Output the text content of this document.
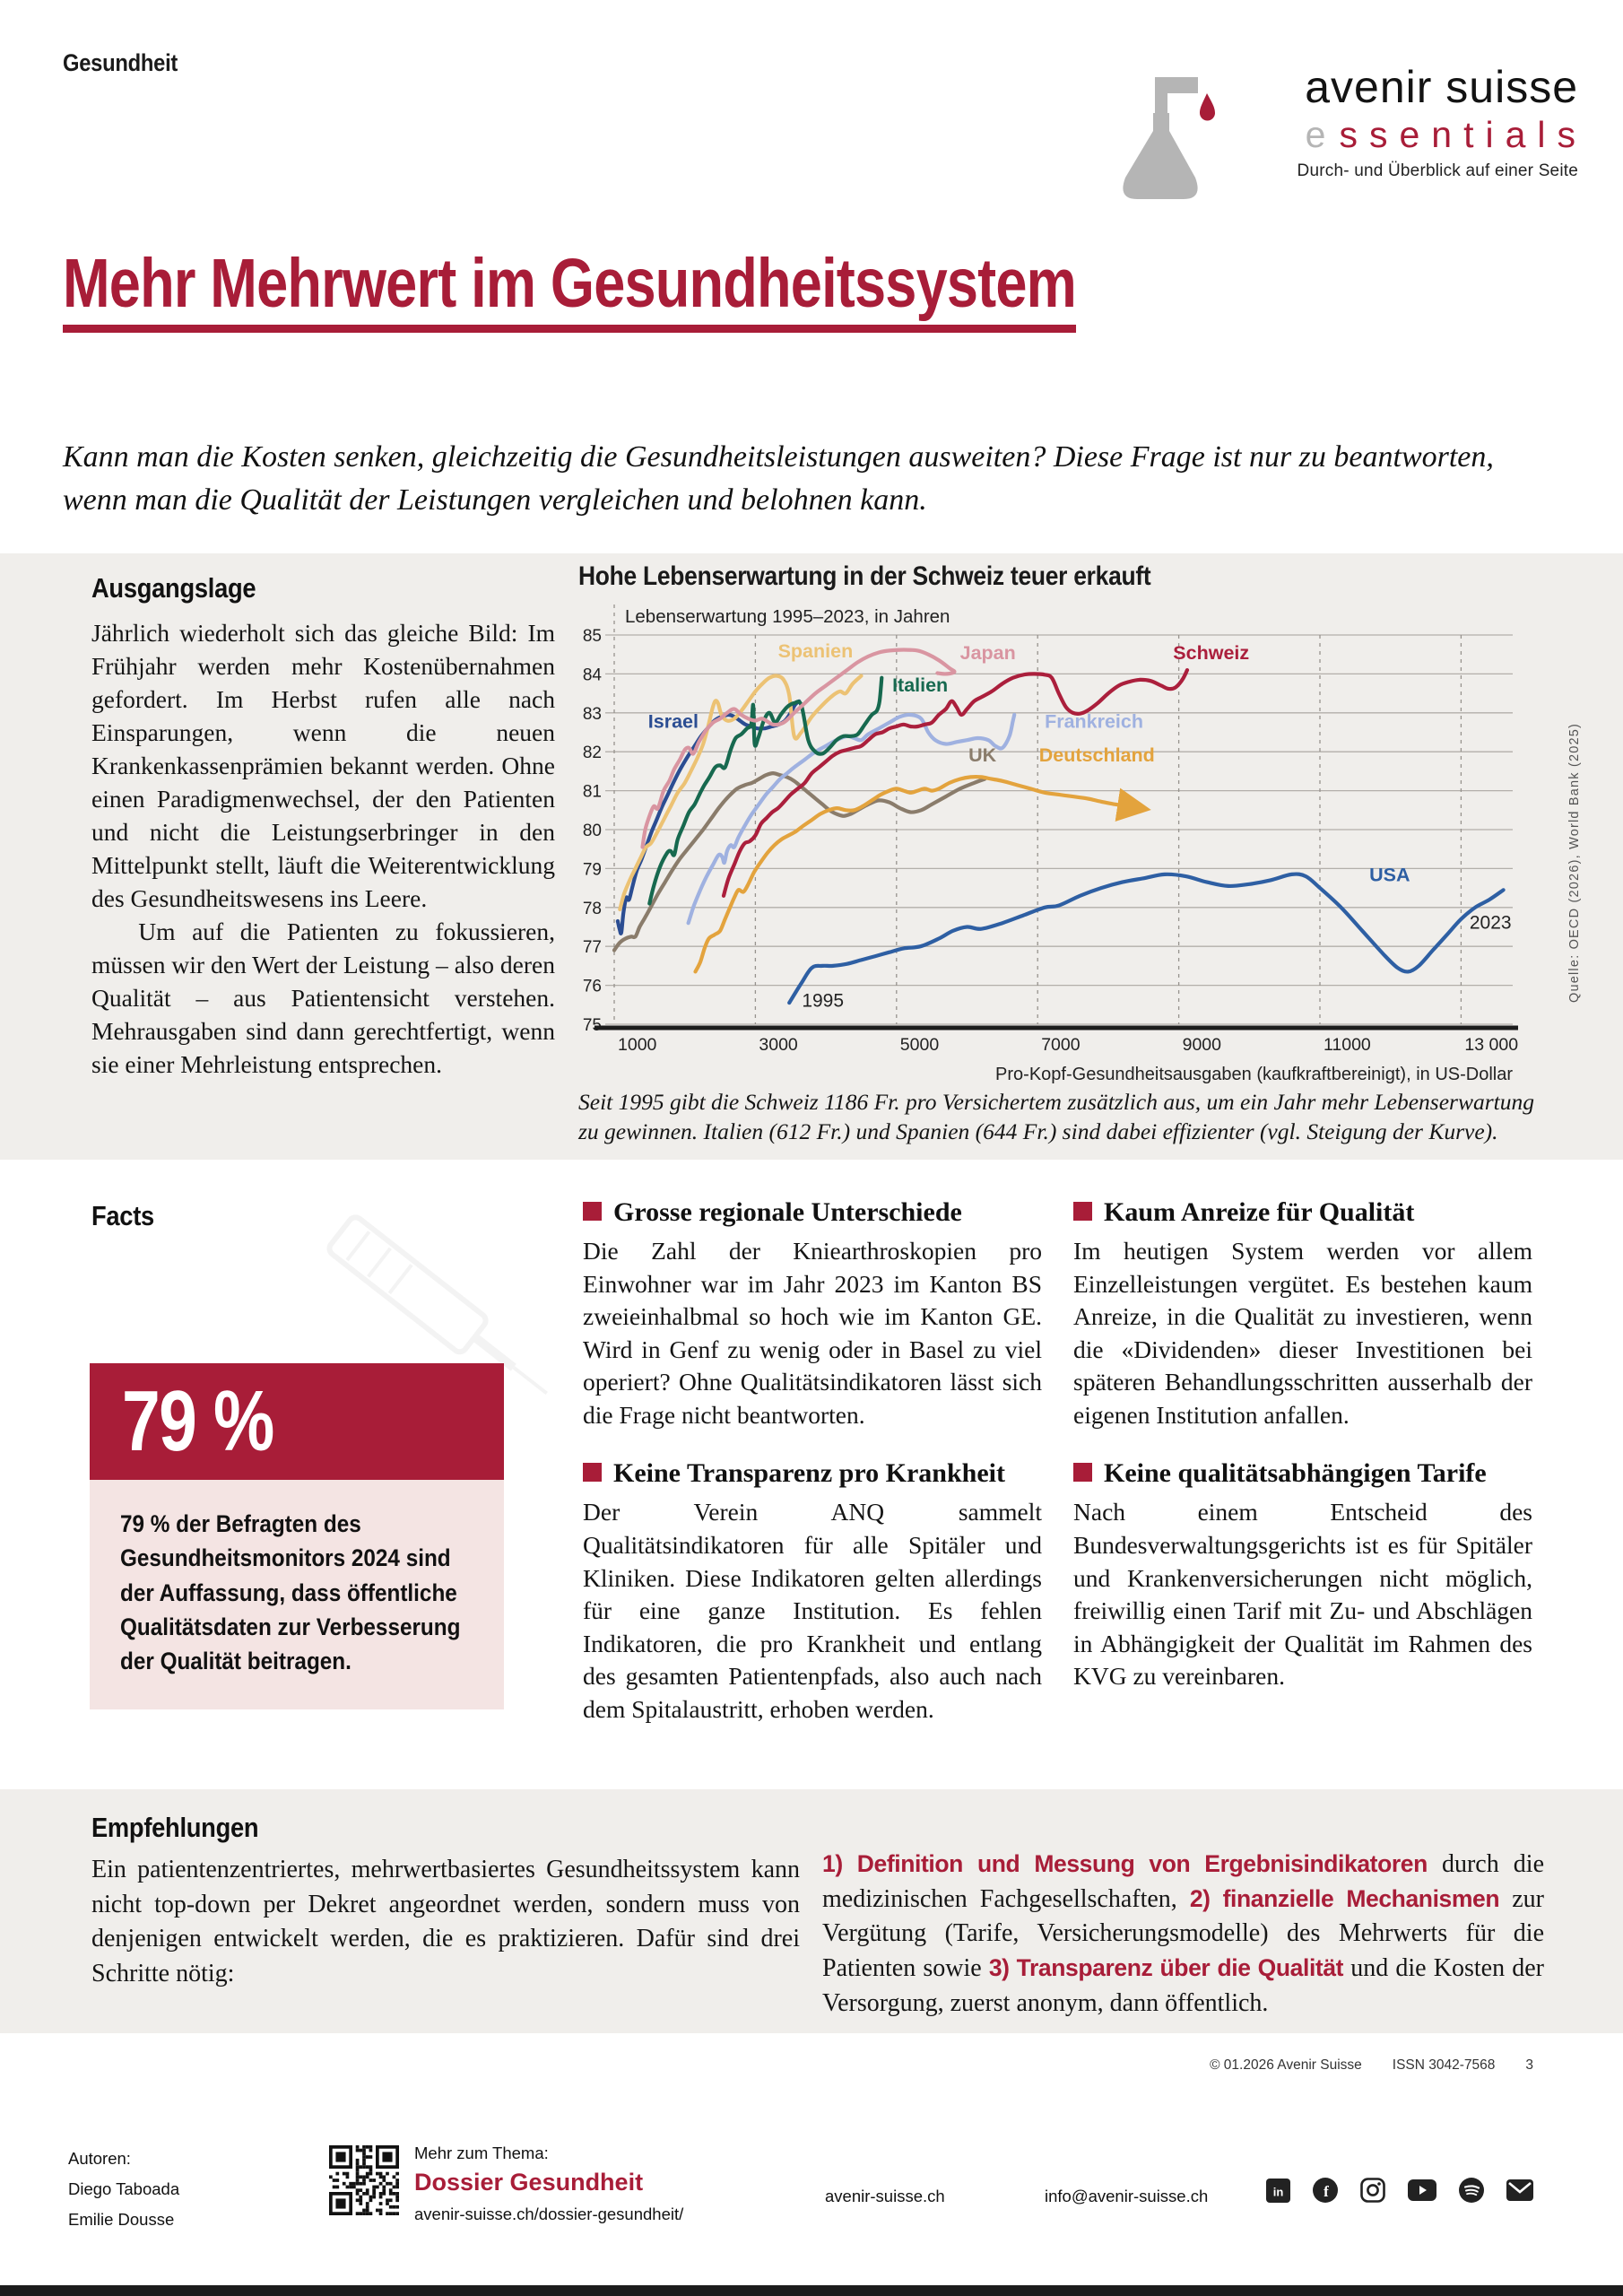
Gesundheit	avenir suisse
essentials
Durch- und Überblick auf einer Seite
Mehr Mehrwert im Gesundheitssystem
Kann man die Kosten senken, gleichzeitig die Gesundheitsleistungen ausweiten? Diese Frage ist nur zu beantworten, wenn man die Qualität der Leistungen vergleichen und belohnen kann.
Ausgangslage

Jährlich wiederholt sich das gleiche Bild: Im Frühjahr werden mehr Kostenübernahmen gefordert. Im Herbst rufen alle nach Einsparungen, wenn die neuen Krankenkassenprämien bekannt werden. Ohne einen Paradigmenwechsel, der den Patienten und nicht die Leistungserbringer in den Mittelpunkt stellt, läuft die Weiterentwicklung des Gesundheitswesens ins Leere.

Um auf die Patienten zu fokussieren, müssen wir den Wert der Leistung – also deren Qualität – aus Patientensicht verstehen. Mehrausgaben sind dann gerechtfertigt, wenn sie einer Mehrleistung entsprechen.

Hohe Lebenserwartung in der Schweiz teuer erkauft
75
76
77
78
79
80
81
82
83
84
85
1000	3000	5000	7000	9000	11000	13 000
Lebenserwartung 1995–2023, in Jahren
Pro-Kopf-Gesundheitsausgaben (kaufkraftbereinigt), in US-Dollar
UK Deutschland
Frankreich
Israel
Spanien
Italien
Japan
USA
Schweiz
1995
2023	Quelle: OECD (2026), World Bank (2025)
Seit 1995 gibt die Schweiz 1186 Fr. pro Versichertem zusätzlich aus, um ein Jahr mehr Lebenserwartung zu gewinnen. Italien (612 Fr.) und Spanien (644 Fr.) sind dabei effizienter (vgl. Steigung der Kurve).
Facts
79 %
79 % der Befragten des Gesundheitsmonitors 2024 sind der Auffassung, dass öffentliche Qualitätsdaten zur Verbesserung der Qualität beitragen.
Grosse regionale Unterschiede
Die Zahl der Kniearthroskopien pro Einwohner war im Jahr 2023 im Kanton BS zweieinhalbmal so hoch wie im Kanton GE. Wird in Genf zu wenig oder in Basel zu viel operiert? Ohne Qualitätsindikatoren lässt sich die Frage nicht beantworten.
Keine Transparenz pro Krankheit
Der Verein ANQ sammelt Qualitätsindikatoren für alle Spitäler und Kliniken. Diese Indikatoren gelten allerdings für eine ganze Institution. Es fehlen Indikatoren, die pro Krankheit und entlang des gesamten Patientenpfads, also auch nach dem Spitalaustritt, erhoben werden.
Kaum Anreize für Qualität
Im heutigen System werden vor allem Einzelleistungen vergütet. Es bestehen kaum Anreize, in die Qualität zu investieren, wenn die «Dividenden» dieser Investitionen bei späteren Behandlungsschritten ausserhalb der eigenen Institution anfallen.
Keine qualitätsabhängigen Tarife
Nach einem Entscheid des Bundesverwaltungsgerichts ist es für Spitäler und Krankenversicherungen nicht möglich, freiwillig einen Tarif mit Zu- und Abschlägen in Abhängigkeit der Qualität im Rahmen des KVG zu vereinbaren.
Empfehlungen
Ein patientenzentriertes, mehrwertbasiertes Gesundheitssystem kann nicht top-down per Dekret angeordnet werden, sondern muss von denjenigen entwickelt werden, die es praktizieren. Dafür sind drei Schritte nötig:
1) Definition und Messung von Ergebnisindikatoren durch die medizinischen Fachgesellschaften, 2) finanzielle Mechanismen zur Vergütung (Tarife, Versicherungsmodelle) des Mehrwerts für die Patienten sowie 3) Transparenz über die Qualität und die Kosten der Versorgung, zuerst anonym, dann öffentlich.
© 01.2026 Avenir Suisse ISSN 3042-7568 3
Autoren:
Diego Taboada
Emilie Dousse
Mehr zum Thema:
Dossier Gesundheit
avenir-suisse.ch/dossier-gesundheit/
avenir-suisse.ch	info@avenir-suisse.ch	in	f
